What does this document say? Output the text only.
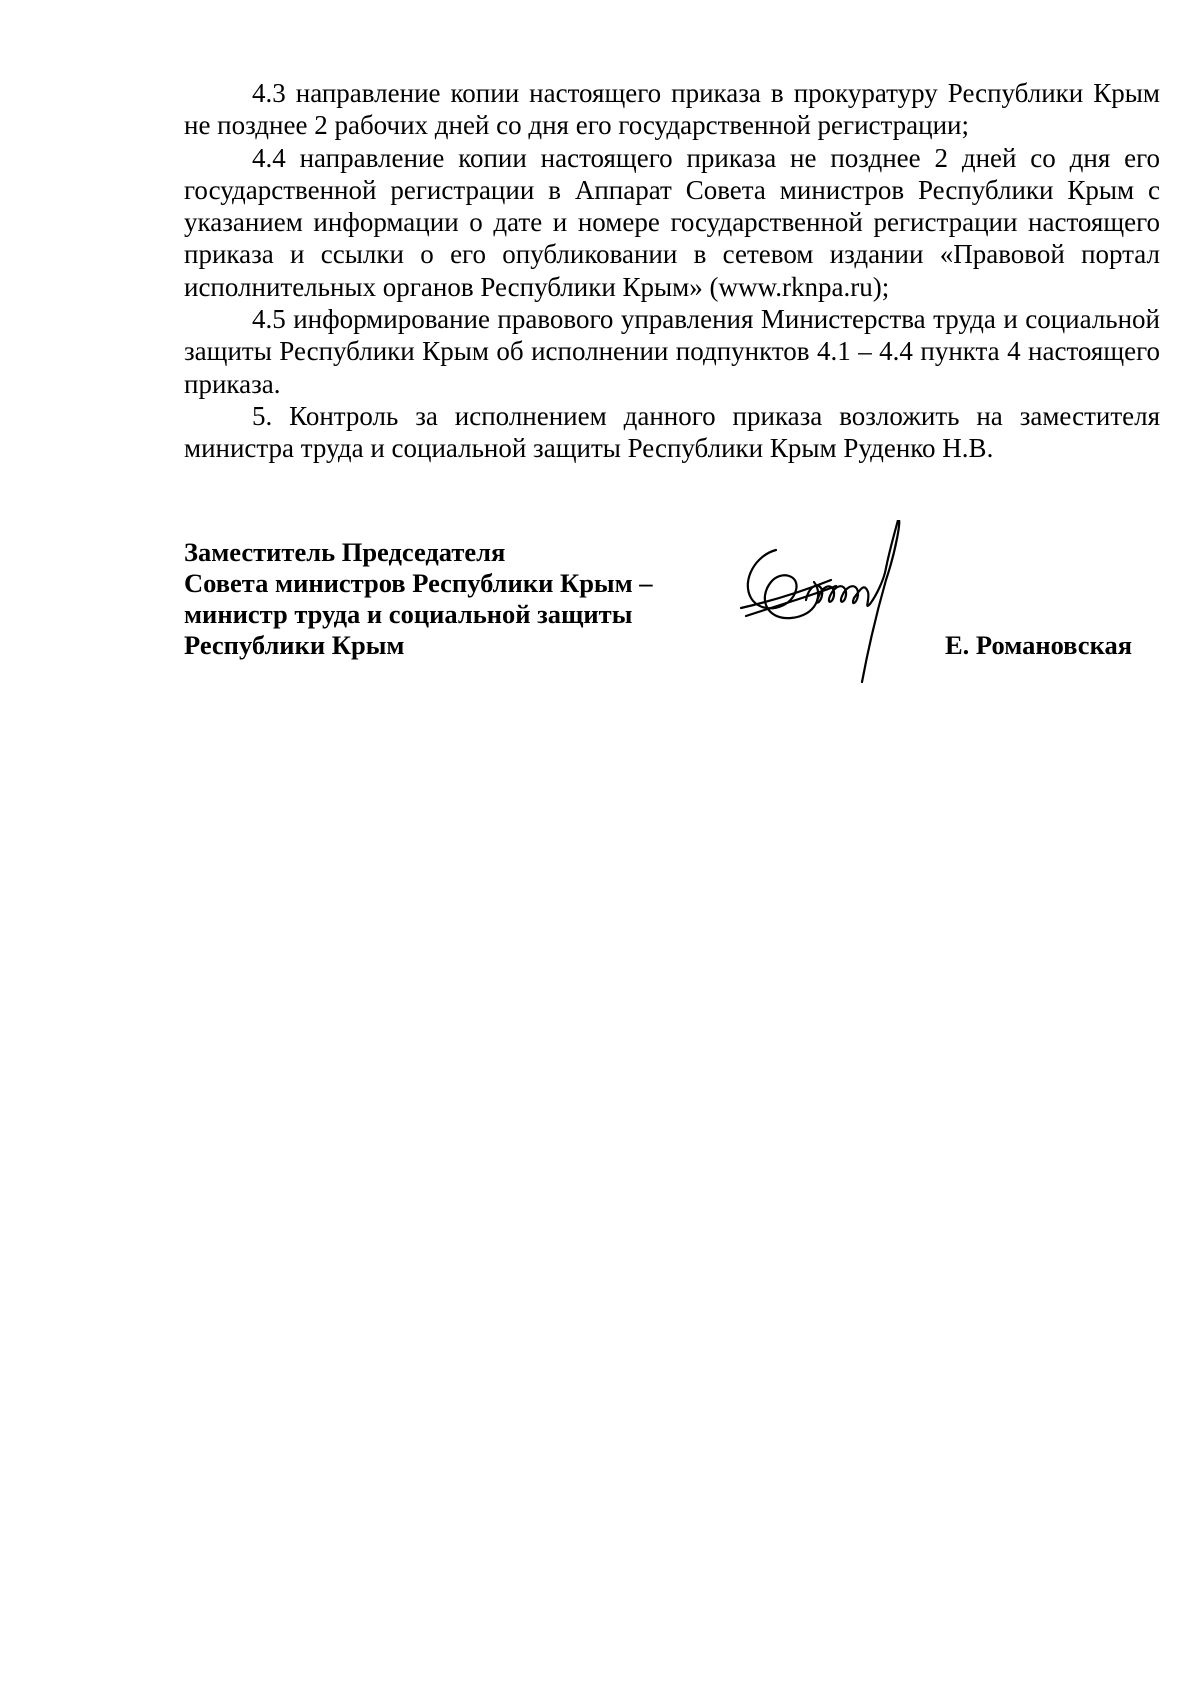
4.3 направление копии настоящего приказа в прокуратуру Республики Крым не позднее 2 рабочих дней со дня его государственной регистрации;

4.4 направление копии настоящего приказа не позднее 2 дней со дня его государственной регистрации в Аппарат Совета министров Республики Крым с указанием информации о дате и номере государственной регистрации настоящего приказа и ссылки о его опубликовании в сетевом издании «Правовой портал исполнительных органов Республики Крым» (www.rknpa.ru);

4.5 информирование правового управления Министерства труда и социальной защиты Республики Крым об исполнении подпунктов 4.1 – 4.4 пункта 4 настоящего приказа.

5. Контроль за исполнением данного приказа возложить на заместителя министра труда и социальной защиты Республики Крым Руденко Н.В.

Заместитель Председателя
Совета министров Республики Крым –
министр труда и социальной защиты
Республики Крым	Е. Романовская
